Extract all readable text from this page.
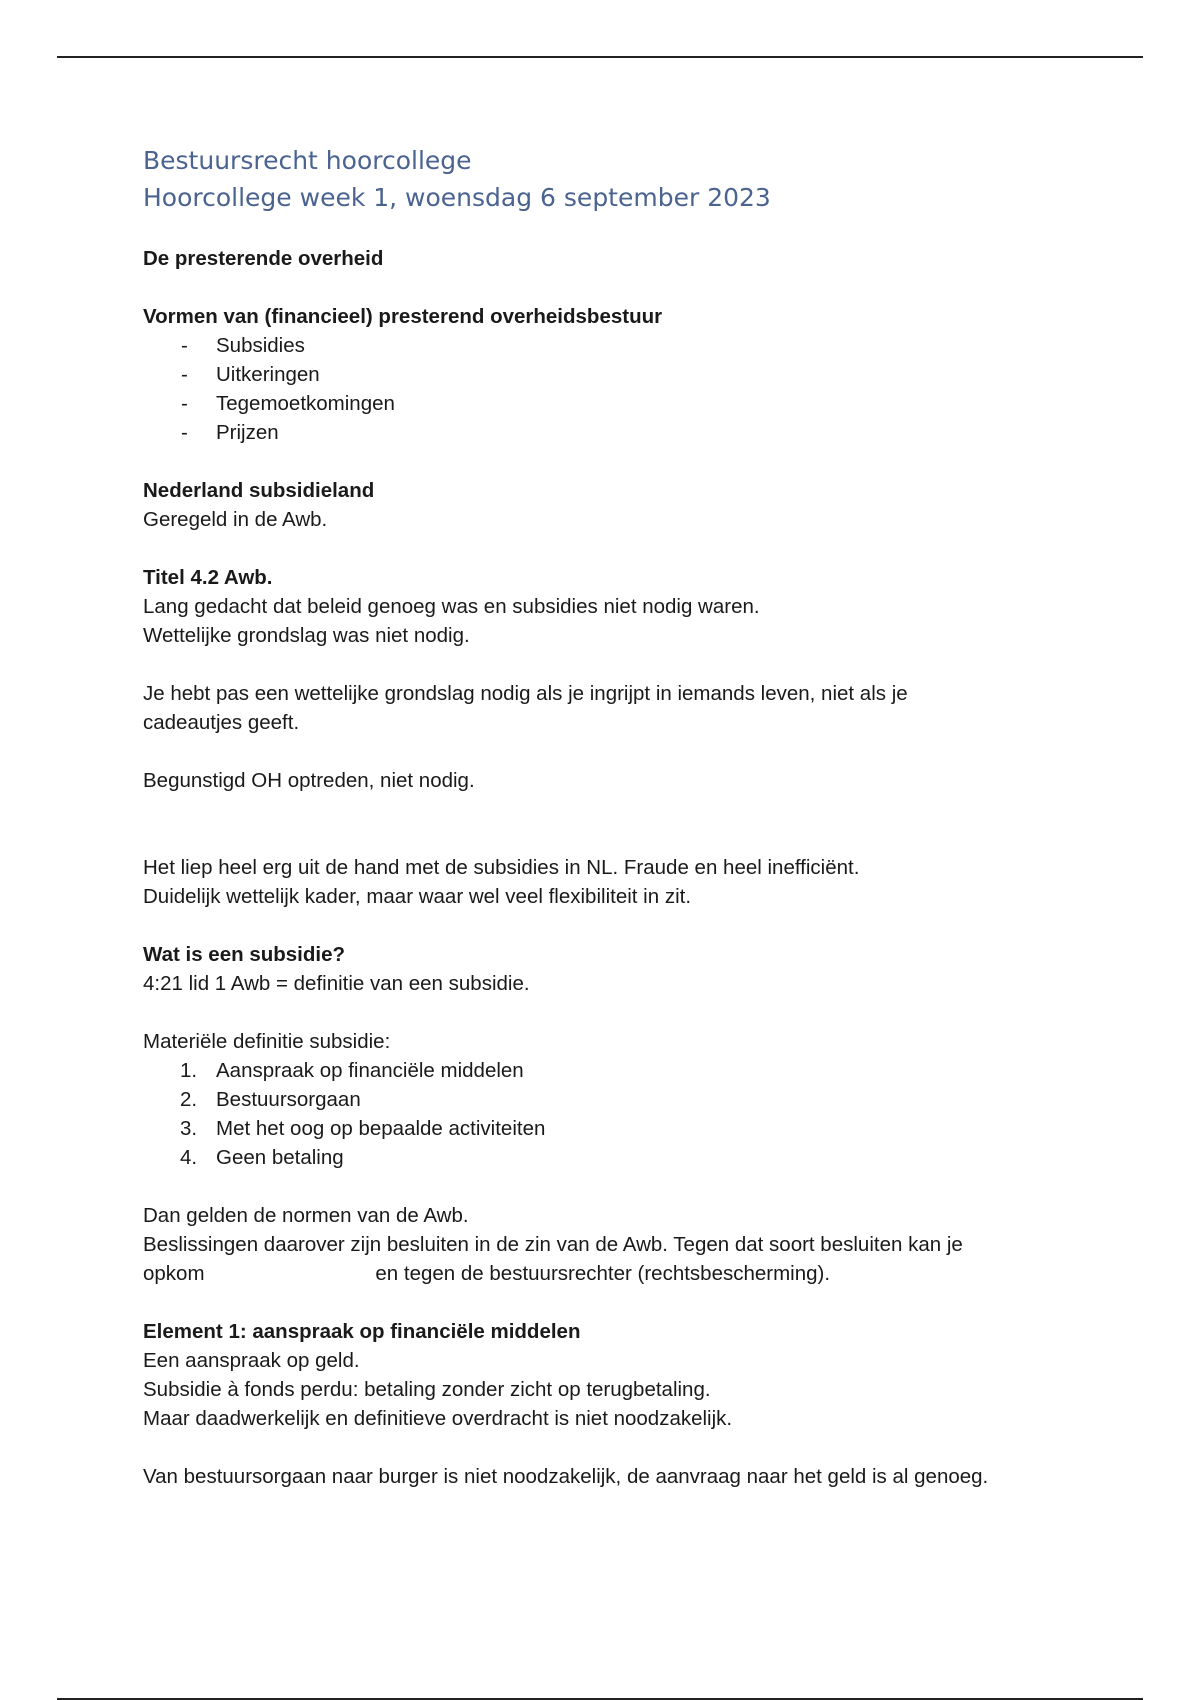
Bestuursrecht hoorcollege

Hoorcollege week 1, woensdag 6 september 2023

De presterende overheid

Vormen van (financieel) presterend overheidsbestuur

- Subsidies
- Uitkeringen
- Tegemoetkomingen
- Prijzen

Nederland subsidieland

Geregeld in de Awb.

Titel 4.2 Awb.

Lang gedacht dat beleid genoeg was en subsidies niet nodig waren.

Wettelijke grondslag was niet nodig.

Je hebt pas een wettelijke grondslag nodig als je ingrijpt in iemands leven, niet als je

cadeautjes geeft.

Begunstigd OH optreden, niet nodig.

Het liep heel erg uit de hand met de subsidies in NL. Fraude en heel inefficiënt.

Duidelijk wettelijk kader, maar waar wel veel flexibiliteit in zit.

Wat is een subsidie?

4:21 lid 1 Awb = definitie van een subsidie.

Materiële definitie subsidie:

1. Aanspraak op financiële middelen
2. Bestuursorgaan
3. Met het oog op bepaalde activiteiten
4. Geen betaling

Dan gelden de normen van de Awb.

Beslissingen daarover zijn besluiten in de zin van de Awb. Tegen dat soort besluiten kan je

opkom                              en tegen de bestuursrechter (rechtsbescherming).

Element 1: aanspraak op financiële middelen

Een aanspraak op geld.

Subsidie à fonds perdu: betaling zonder zicht op terugbetaling.

Maar daadwerkelijk en definitieve overdracht is niet noodzakelijk.

Van bestuursorgaan naar burger is niet noodzakelijk, de aanvraag naar het geld is al genoeg.
